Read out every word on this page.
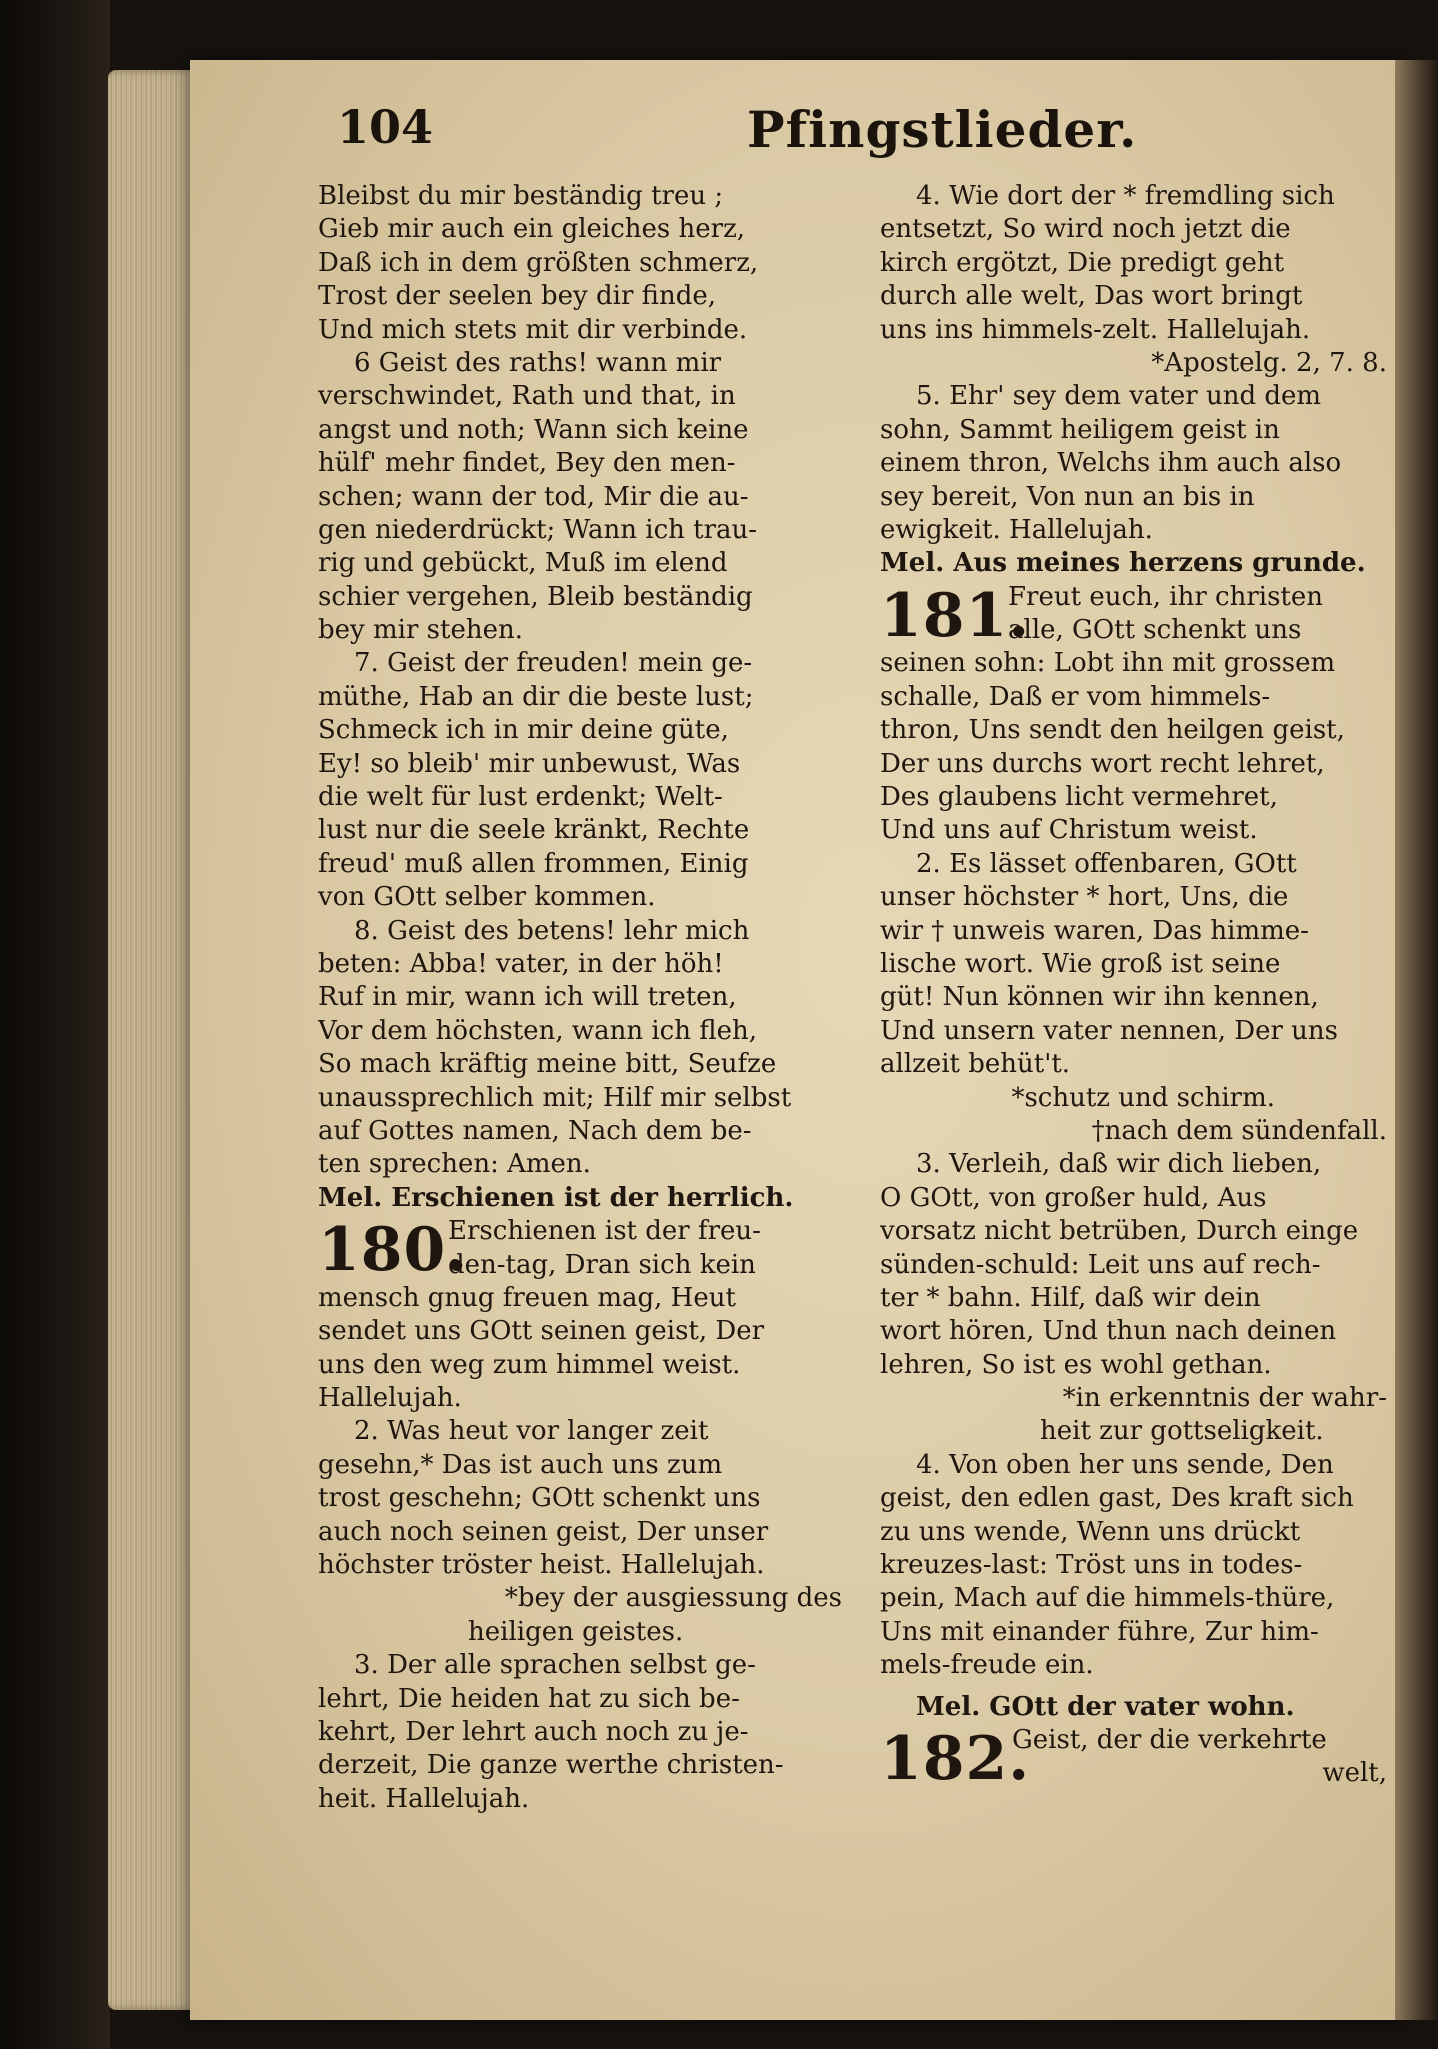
104	Pfingstlieder.
Bleibst du mir beständig treu ;
Gieb mir auch ein gleiches herz,
Daß ich in dem größten schmerz,
Trost der seelen bey dir finde,
Und mich stets mit dir verbinde.
6 Geist des raths! wann mir
verschwindet, Rath und that, in
angst und noth; Wann sich keine
hülf' mehr findet, Bey den men-
schen; wann der tod, Mir die au-
gen niederdrückt; Wann ich trau-
rig und gebückt, Muß im elend
schier vergehen, Bleib beständig
bey mir stehen.
7. Geist der freuden! mein ge-
müthe, Hab an dir die beste lust;
Schmeck ich in mir deine güte,
Ey! so bleib' mir unbewust, Was
die welt für lust erdenkt; Welt-
lust nur die seele kränkt, Rechte
freud' muß allen frommen, Einig
von GOtt selber kommen.
8. Geist des betens! lehr mich
beten: Abba! vater, in der höh!
Ruf in mir, wann ich will treten,
Vor dem höchsten, wann ich fleh,
So mach kräftig meine bitt, Seufze
unaussprechlich mit; Hilf mir selbst
auf Gottes namen, Nach dem be-
ten sprechen: Amen.
Mel. Erschienen ist der herrlich.
180.
Erschienen ist der freu-
den-tag, Dran sich kein
mensch gnug freuen mag, Heut
sendet uns GOtt seinen geist, Der
uns den weg zum himmel weist.
Hallelujah.
2. Was heut vor langer zeit
gesehn,* Das ist auch uns zum
trost geschehn; GOtt schenkt uns
auch noch seinen geist, Der unser
höchster tröster heist. Hallelujah.
*bey der ausgiessung des
heiligen geistes.
3. Der alle sprachen selbst ge-
lehrt, Die heiden hat zu sich be-
kehrt, Der lehrt auch noch zu je-
derzeit, Die ganze werthe christen-
heit. Hallelujah.
4. Wie dort der * fremdling sich
entsetzt, So wird noch jetzt die
kirch ergötzt, Die predigt geht
durch alle welt, Das wort bringt
uns ins himmels-zelt. Hallelujah.
*Apostelg. 2, 7. 8.
5. Ehr' sey dem vater und dem
sohn, Sammt heiligem geist in
einem thron, Welchs ihm auch also
sey bereit, Von nun an bis in
ewigkeit. Hallelujah.
Mel. Aus meines herzens grunde.
181.
Freut euch, ihr christen
alle, GOtt schenkt uns
seinen sohn: Lobt ihn mit grossem
schalle, Daß er vom himmels-
thron, Uns sendt den heilgen geist,
Der uns durchs wort recht lehret,
Des glaubens licht vermehret,
Und uns auf Christum weist.
2. Es lässet offenbaren, GOtt
unser höchster * hort, Uns, die
wir † unweis waren, Das himme-
lische wort. Wie groß ist seine
güt! Nun können wir ihn kennen,
Und unsern vater nennen, Der uns
allzeit behüt't.
*schutz und schirm.
†nach dem sündenfall.
3. Verleih, daß wir dich lieben,
O GOtt, von großer huld, Aus
vorsatz nicht betrüben, Durch einge
sünden-schuld: Leit uns auf rech-
ter * bahn. Hilf, daß wir dein
wort hören, Und thun nach deinen
lehren, So ist es wohl gethan.
*in erkenntnis der wahr-
heit zur gottseligkeit.
4. Von oben her uns sende, Den
geist, den edlen gast, Des kraft sich
zu uns wende, Wenn uns drückt
kreuzes-last: Tröst uns in todes-
pein, Mach auf die himmels-thüre,
Uns mit einander führe, Zur him-
mels-freude ein.
Mel. GOtt der vater wohn.
182.
Geist, der die verkehrte
welt,
